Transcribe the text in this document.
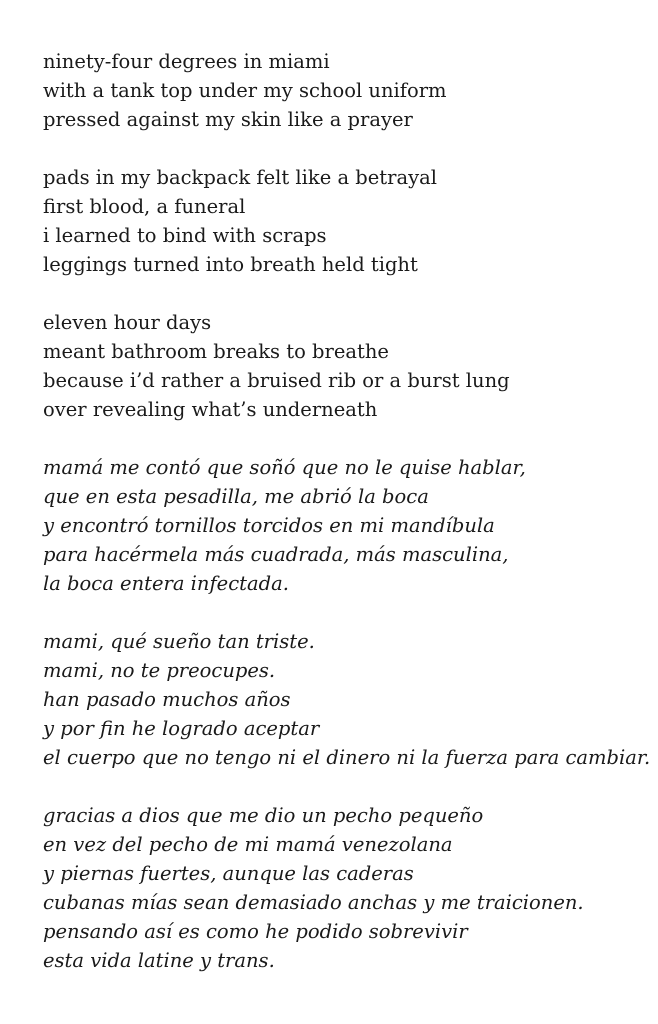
ninety-four degrees in miami
with a tank top under my school uniform
pressed against my skin like a prayer
pads in my backpack felt like a betrayal
first blood, a funeral
i learned to bind with scraps
leggings turned into breath held tight
eleven hour days
meant bathroom breaks to breathe
because i’d rather a bruised rib or a burst lung
over revealing what’s underneath
mamá me contó que soñó que no le quise hablar,
que en esta pesadilla, me abrió la boca
y encontró tornillos torcidos en mi mandíbula
para hacérmela más cuadrada, más masculina,
la boca entera infectada.
mami, qué sueño tan triste.
mami, no te preocupes.
han pasado muchos años
y por fin he logrado aceptar
el cuerpo que no tengo ni el dinero ni la fuerza para cambiar.
gracias a dios que me dio un pecho pequeño
en vez del pecho de mi mamá venezolana
y piernas fuertes, aunque las caderas
cubanas mías sean demasiado anchas y me traicionen.
pensando así es como he podido sobrevivir
esta vida latine y trans.
